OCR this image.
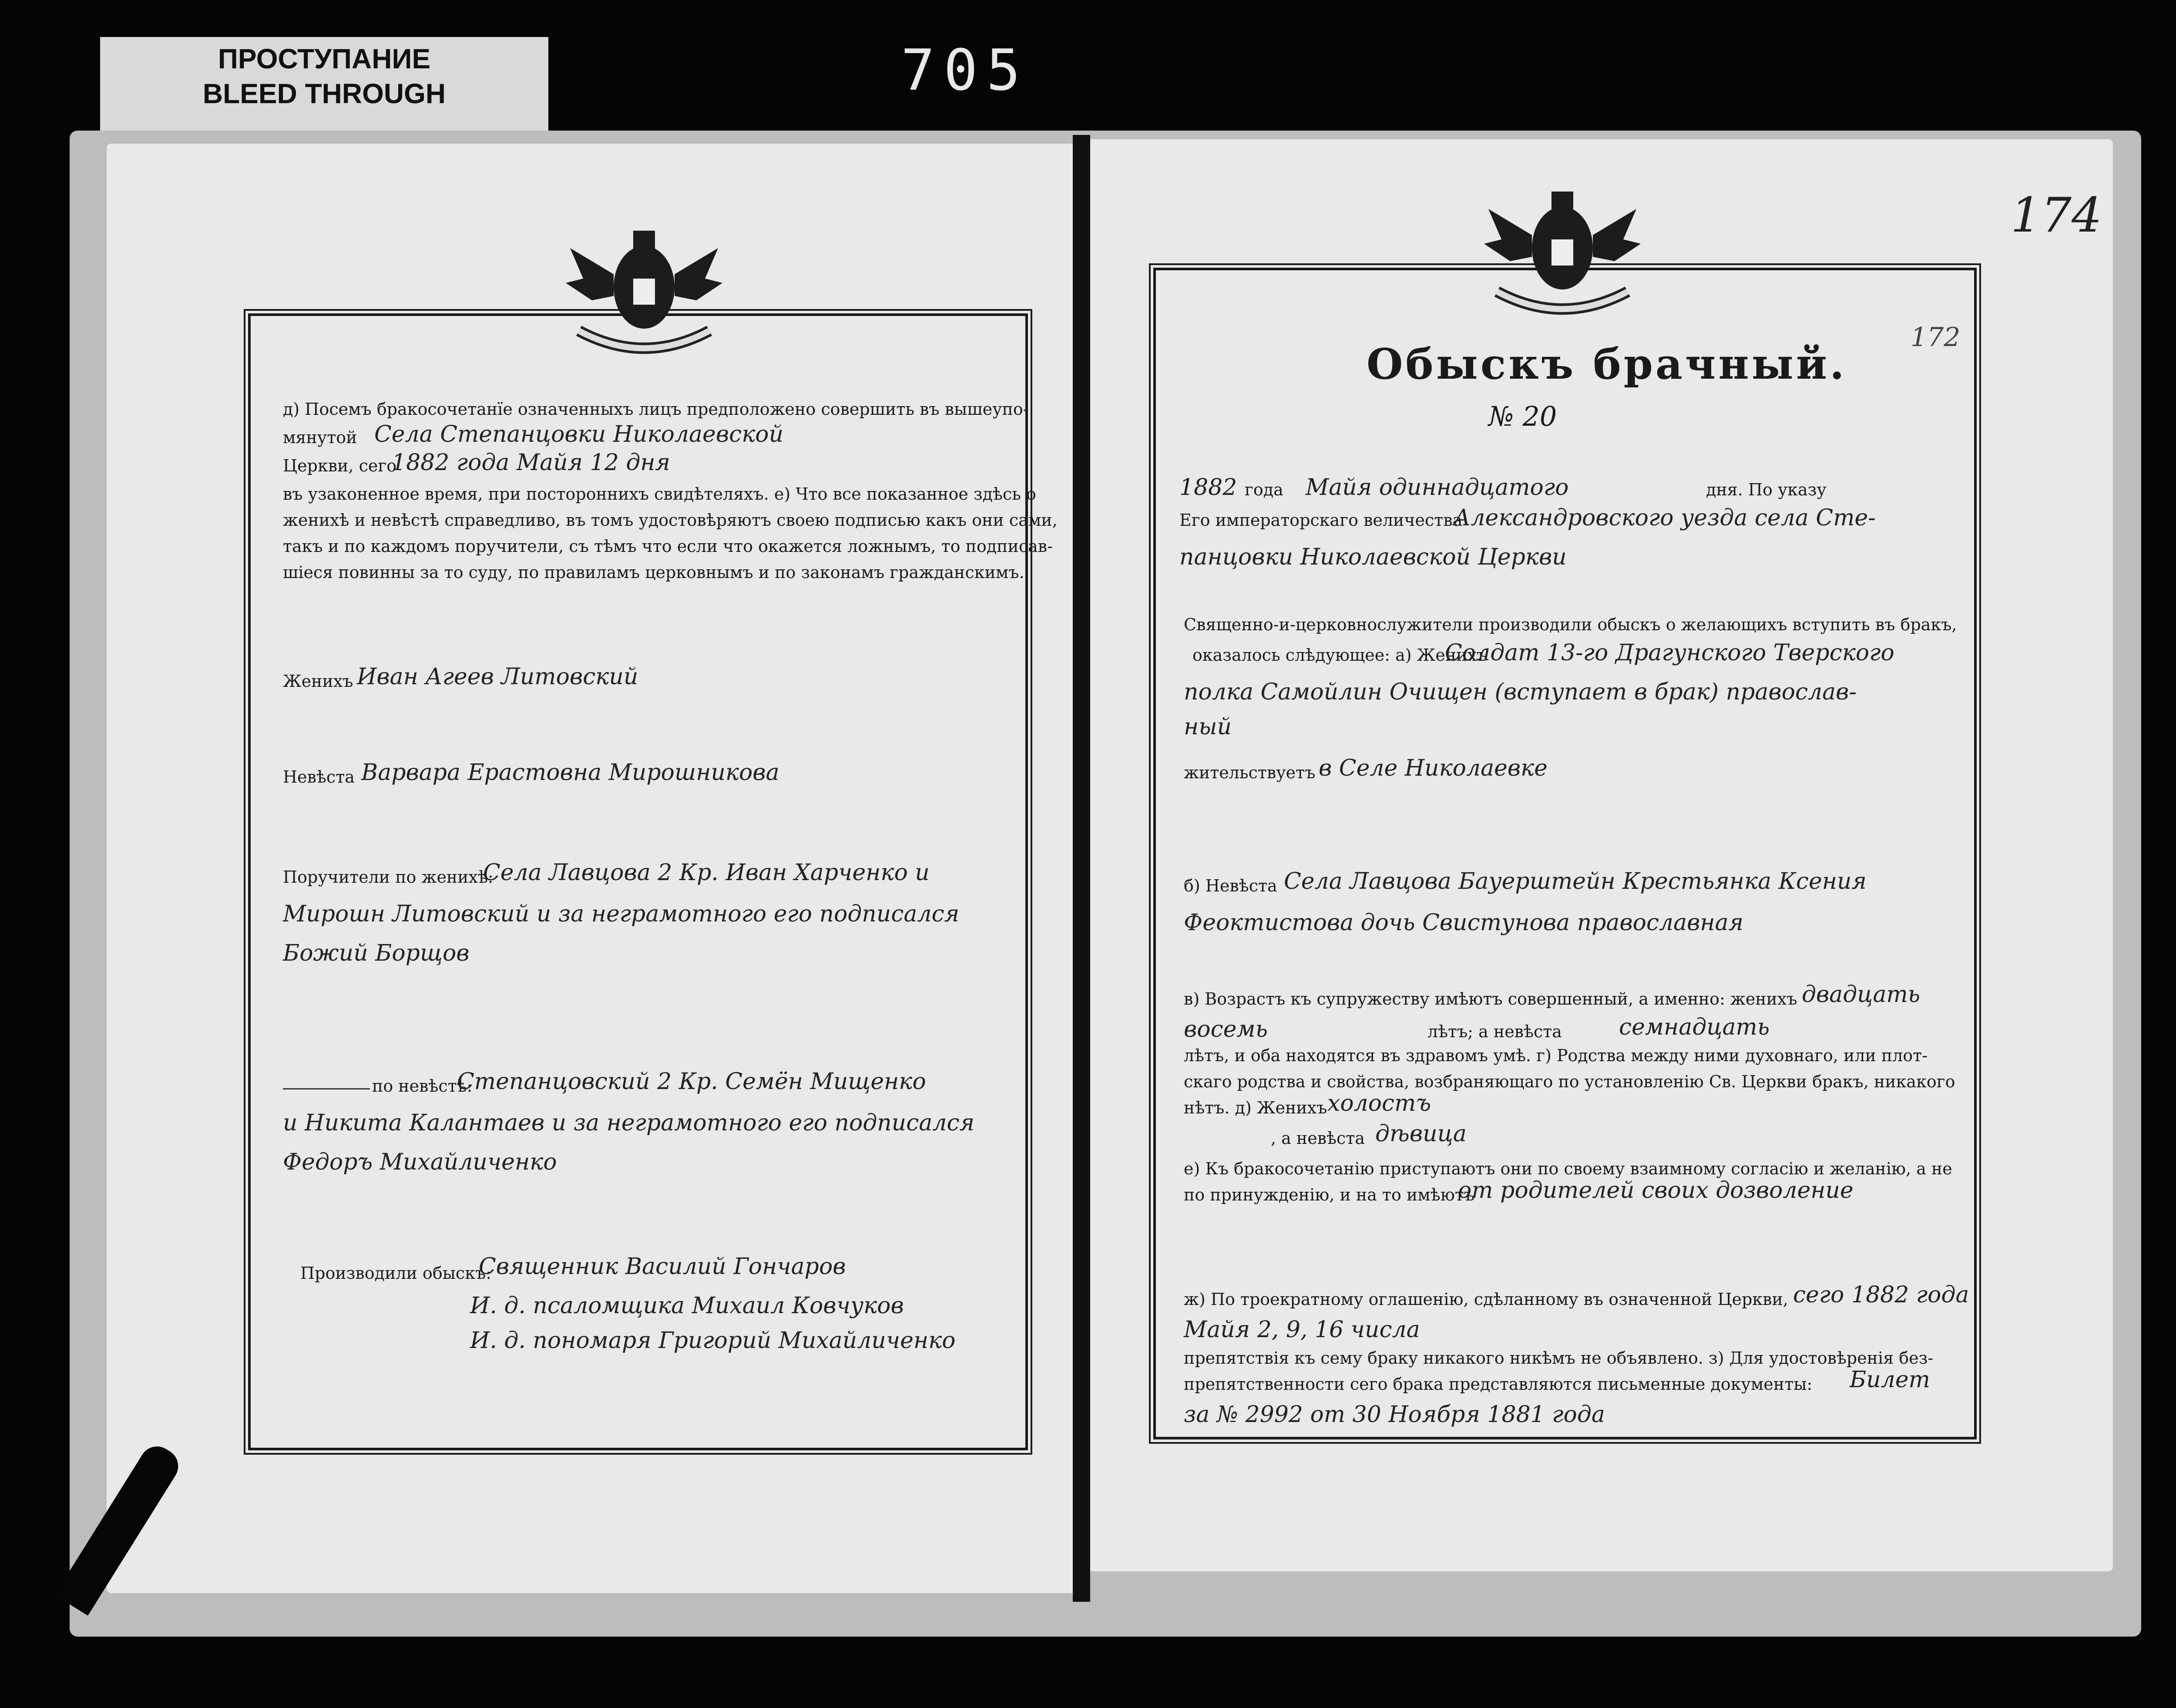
ПРОСТУПАНИЕ
BLEED THROUGH	705
д) Посемъ бракосочетанїе означенныхъ лицъ предположено совершить въ вышеупо-
мянутой Села Степанцовки Николаевской
Церкви, сего
1882 года Майя 12 дня
въ узаконенное время, при постороннихъ свидѣтеляхъ. е) Что все показанное здѣсь о
женихѣ и невѣстѣ справедливо, въ томъ удостовѣряютъ своею подписью какъ они сами,
такъ и по каждомъ поручители, съ тѣмъ что если что окажется ложнымъ, то подписав-
шiеся повинны за то суду, по правиламъ церковнымъ и по законамъ гражданскимъ.
Женихъ Иван Агеев Литовский
Невѣста Варвара Ерастовна Мирошникова
Поручители по женихѣ:
Села Лавцова 2 Кр. Иван Харченко и
Мирошн Литовский и за неграмотного его подписался
Божий Борщов
по невѣстѣ:
Степанцовский 2 Кр. Семён Мищенко
и Никита Калантаев и за неграмотного его подписался
Федоръ Михайличенко
Производили обыскъ:
Священник Василий Гончаров
И. д. псаломщика Михаил Ковчуков
И. д. пономаря Григорий Михайличенко
174
172
Обыскъ брачный.
№ 20
1882 года Майя одиннадцатого	дня. По указу
Его императорскаго величества
Александровского уезда села Сте-
панцовки Николаевской Церкви
Священно-и-церковнослужители производили обыскъ о желающихъ вступить въ бракъ,
оказалось слѣдующее: а) Женихъ
Солдат 13-го Драгунского Тверского
полка Самойлин Очищен (вступает в брак) православ-
ный
жительствуетъ в Селе Николаевке
б) Невѣста Села Лавцова Бауерштейн Крестьянка Ксения
Феоктистова дочь Свистунова православная
в) Возрастъ къ супружеству имѣютъ совершенный, а именно: женихъ двадцать
восемь	лѣтъ; а невѣста	семнадцать
лѣтъ, и оба находятся въ здравомъ умѣ. г) Родства между ними духовнаго, или плот-
скаго родства и свойства, возбраняющаго по установленiю Св. Церкви бракъ, никакого
нѣтъ. д) Женихъ холостъ
, а невѣста дѣвица
е) Къ бракосочетанiю приступаютъ они по своему взаимному согласiю и желанiю, а не
по принужденiю, и на то имѣютъ
от родителей своих дозволение
ж) По троекратному оглашенiю, сдѣланному въ означенной Церкви, сего 1882 года
Майя 2, 9, 16 числа
препятствiя къ сему браку никакого никѣмъ не объявлено. з) Для удостовѣренiя без-
препятственности сего брака представляются письменные документы: Билет
за № 2992 от 30 Ноября 1881 года
